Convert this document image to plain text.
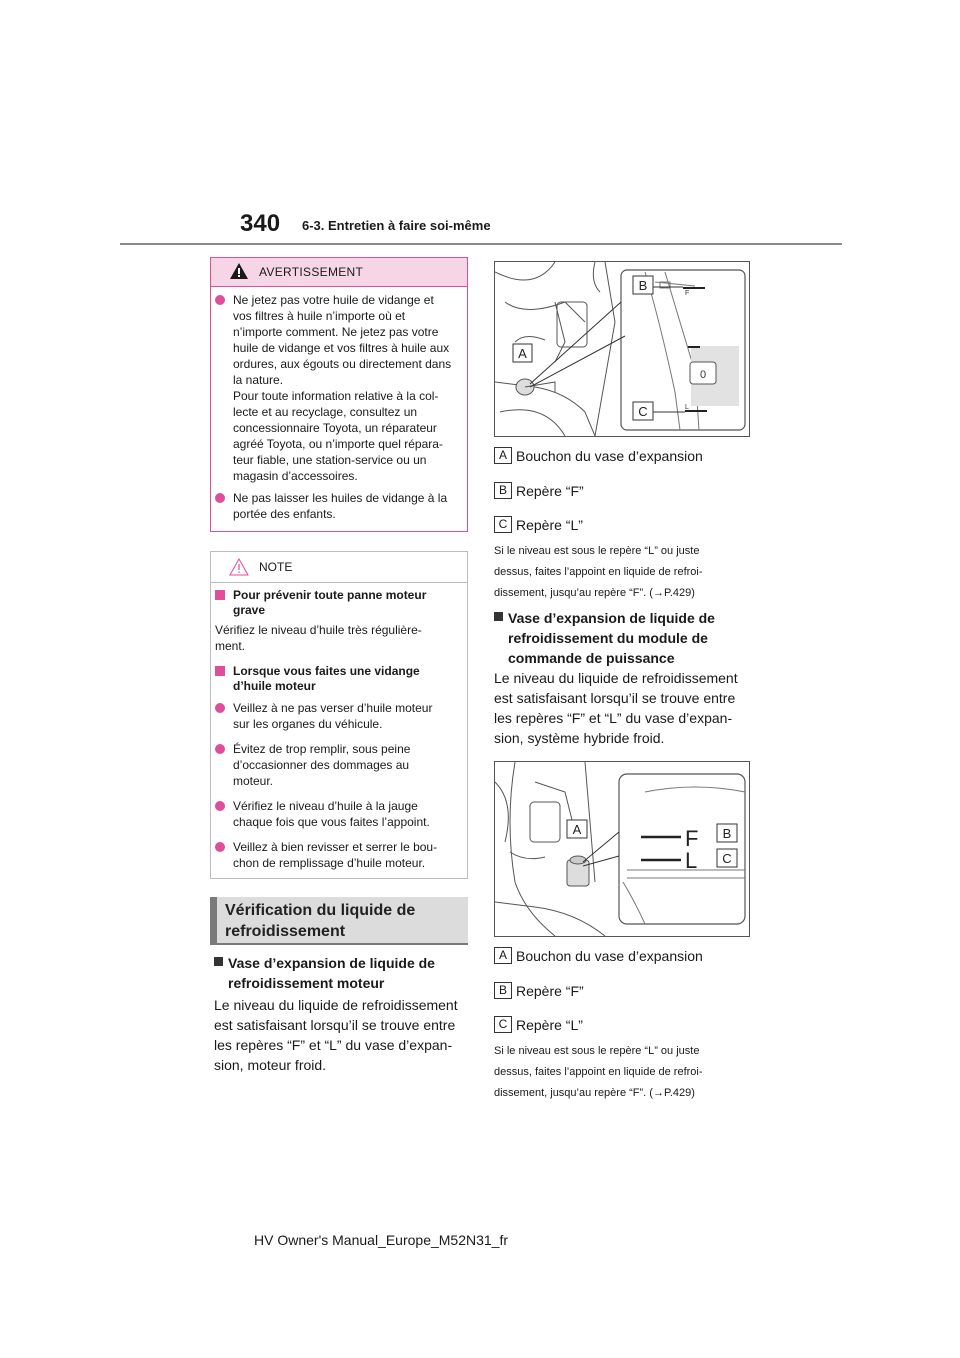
340 6-3. Entretien à faire soi-même
AVERTISSEMENT
Ne jetez pas votre huile de vidange et vos filtres à huile n’importe où et n’importe comment. Ne jetez pas votre huile de vidange et vos filtres à huile aux ordures, aux égouts ou directement dans la nature.
Pour toute information relative à la col-lecte et au recyclage, consultez un concessionnaire Toyota, un réparateur agréé Toyota, ou n’importe quel répara-teur fiable, une station-service ou un magasin d’accessoires.
Ne pas laisser les huiles de vidange à la portée des enfants.
NOTE
Pour prévenir toute panne moteur grave
Vérifiez le niveau d’huile très régulière-ment.
Lorsque vous faites une vidange d’huile moteur
Veillez à ne pas verser d’huile moteur sur les organes du véhicule.
Évitez de trop remplir, sous peine d’occasionner des dommages au moteur.
Vérifiez le niveau d’huile à la jauge chaque fois que vous faites l’appoint.
Veillez à bien revisser et serrer le bou-chon de remplissage d’huile moteur.
Vérification du liquide de refroidissement
Vase d’expansion de liquide de refroidissement moteur
Le niveau du liquide de refroidissement est satisfaisant lorsqu’il se trouve entre les repères “F” et “L” du vase d’expan-sion, moteur froid.
0
F
L
A
B
C
A Bouchon du vase d’expansion
B Repère “F”
C Repère “L”
Si le niveau est sous le repère “L” ou juste
dessus, faites l’appoint en liquide de refroi-
dissement, jusqu’au repère “F”. (→P.429)
Vase d’expansion de liquide de refroidissement du module de commande de puissance
Le niveau du liquide de refroidissement est satisfaisant lorsqu’il se trouve entre les repères “F” et “L” du vase d’expan-sion, système hybride froid.
F
L
A	B
C
A Bouchon du vase d’expansion
B Repère “F”
C Repère “L”
Si le niveau est sous le repère “L” ou juste
dessus, faites l’appoint en liquide de refroi-
dissement, jusqu’au repère “F”. (→P.429)
HV Owner's Manual_Europe_M52N31_fr
